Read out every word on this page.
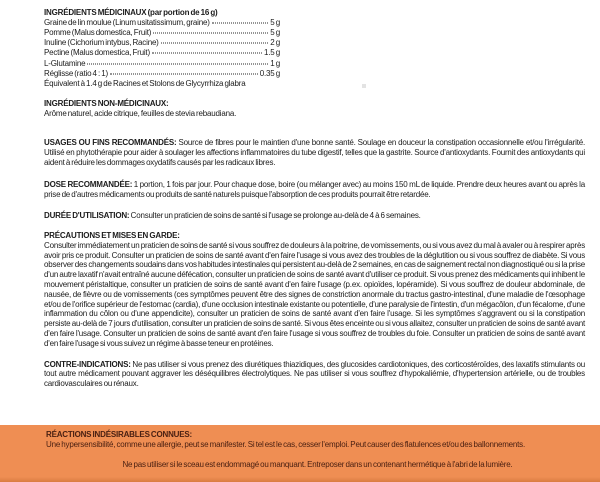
INGRÉDIENTS MÉDICINAUX (par portion de 16 g)
Graine de lin moulue (Linum usitatissimum, graine)	5 g
Pomme (Malus domestica, Fruit)	5 g
Inuline (Cichorium intybus, Racine)	2 g
Pectine (Malus domestica, Fruit)	1.5 g
L-Glutamine	1 g
Réglisse (ratio 4 : 1)	0.35 g
Équivalent à 1.4 g de Racines et Stolons de Glycyrrhiza glabra
INGRÉDIENTS NON-MÉDICINAUX:

Arôme naturel, acide citrique, feuilles de stevia rebaudiana.

USAGES OU FINS RECOMMANDÉS: Source de fibres pour le maintien d'une bonne santé. Soulage en douceur la constipation occasionnelle et/ou l'irrégularité. Utilisé en phytothérapie pour aider à soulager les affections inflammatoires du tube digestif, telles que la gastrite. Source d'antioxydants. Fournit des antioxydants qui aident à réduire les dommages oxydatifs causés par les radicaux libres.

DOSE RECOMMANDÉE: 1 portion, 1 fois par jour. Pour chaque dose, boire (ou mélanger avec) au moins 150 mL de liquide. Prendre deux heures avant ou après la prise de d'autres médicaments ou produits de santé naturels puisque l'absorption de ces produits pourrait être retardée.

DURÉE D'UTILISATION: Consulter un praticien de soins de santé si l'usage se prolonge au-delà de 4 à 6 semaines.

PRÉCAUTIONS ET MISES EN GARDE:

Consulter immédiatement un praticien de soins de santé si vous souffrez de douleurs à la poitrine, de vomissements, ou si vous avez du mal à avaler ou à respirer après avoir pris ce produit. Consulter un praticien de soins de santé avant d'en faire l'usage si vous avez des troubles de la déglutition ou si vous souffrez de diabète. Si vous observer des changements soudains dans vos habitudes intestinales qui persistent au-delà de 2 semaines, en cas de saignement rectal non diagnostiqué ou si la prise d'un autre laxatif n'avait entraîné aucune défécation, consulter un praticien de soins de santé avant d'utiliser ce produit. Si vous prenez des médicaments qui inhibent le mouvement péristaltique, consulter un praticien de soins de santé avant d'en faire l'usage (p.ex. opioïdes, lopéramide). Si vous souffrez de douleur abdominale, de nausée, de fièvre ou de vomissements (ces symptômes peuvent être des signes de constriction anormale du tractus gastro-intestinal, d'une maladie de l'œsophage et/ou de l'orifice supérieur de l'estomac (cardia), d'une occlusion intestinale existante ou potentielle, d'une paralysie de l'intestin, d'un mégacôlon, d'un fécalome, d'une inflammation du côlon ou d'une appendicite), consulter un praticien de soins de santé avant d'en faire l'usage. Si les symptômes s'aggravent ou si la constipation persiste au-delà de 7 jours d'utilisation, consulter un praticien de soins de santé. Si vous êtes enceinte ou si vous allaitez, consulter un praticien de soins de santé avant d'en faire l'usage. Consulter un praticien de soins de santé avant d'en faire l'usage si vous souffrez de troubles du foie. Consulter un praticien de soins de santé avant d'en faire l'usage si vous suivez un régime à basse teneur en protéines.

CONTRE-INDICATIONS: Ne pas utiliser si vous prenez des diurétiques thiazidiques, des glucosides cardiotoniques, des corticostéroïdes, des laxatifs stimulants ou tout autre médicament pouvant aggraver les déséquilibres électrolytiques. Ne pas utiliser si vous souffrez d'hypokaliémie, d'hypertension artérielle, ou de troubles cardiovasculaires ou rénaux.

RÉACTIONS INDÉSIRABLES CONNUES:

Une hypersensibilité, comme une allergie, peut se manifester. Si tel est le cas, cesser l'emploi. Peut causer des flatulences et/ou des ballonnements.

Ne pas utiliser si le sceau est endommagé ou manquant. Entreposer dans un contenant hermétique à l'abri de la lumière.
